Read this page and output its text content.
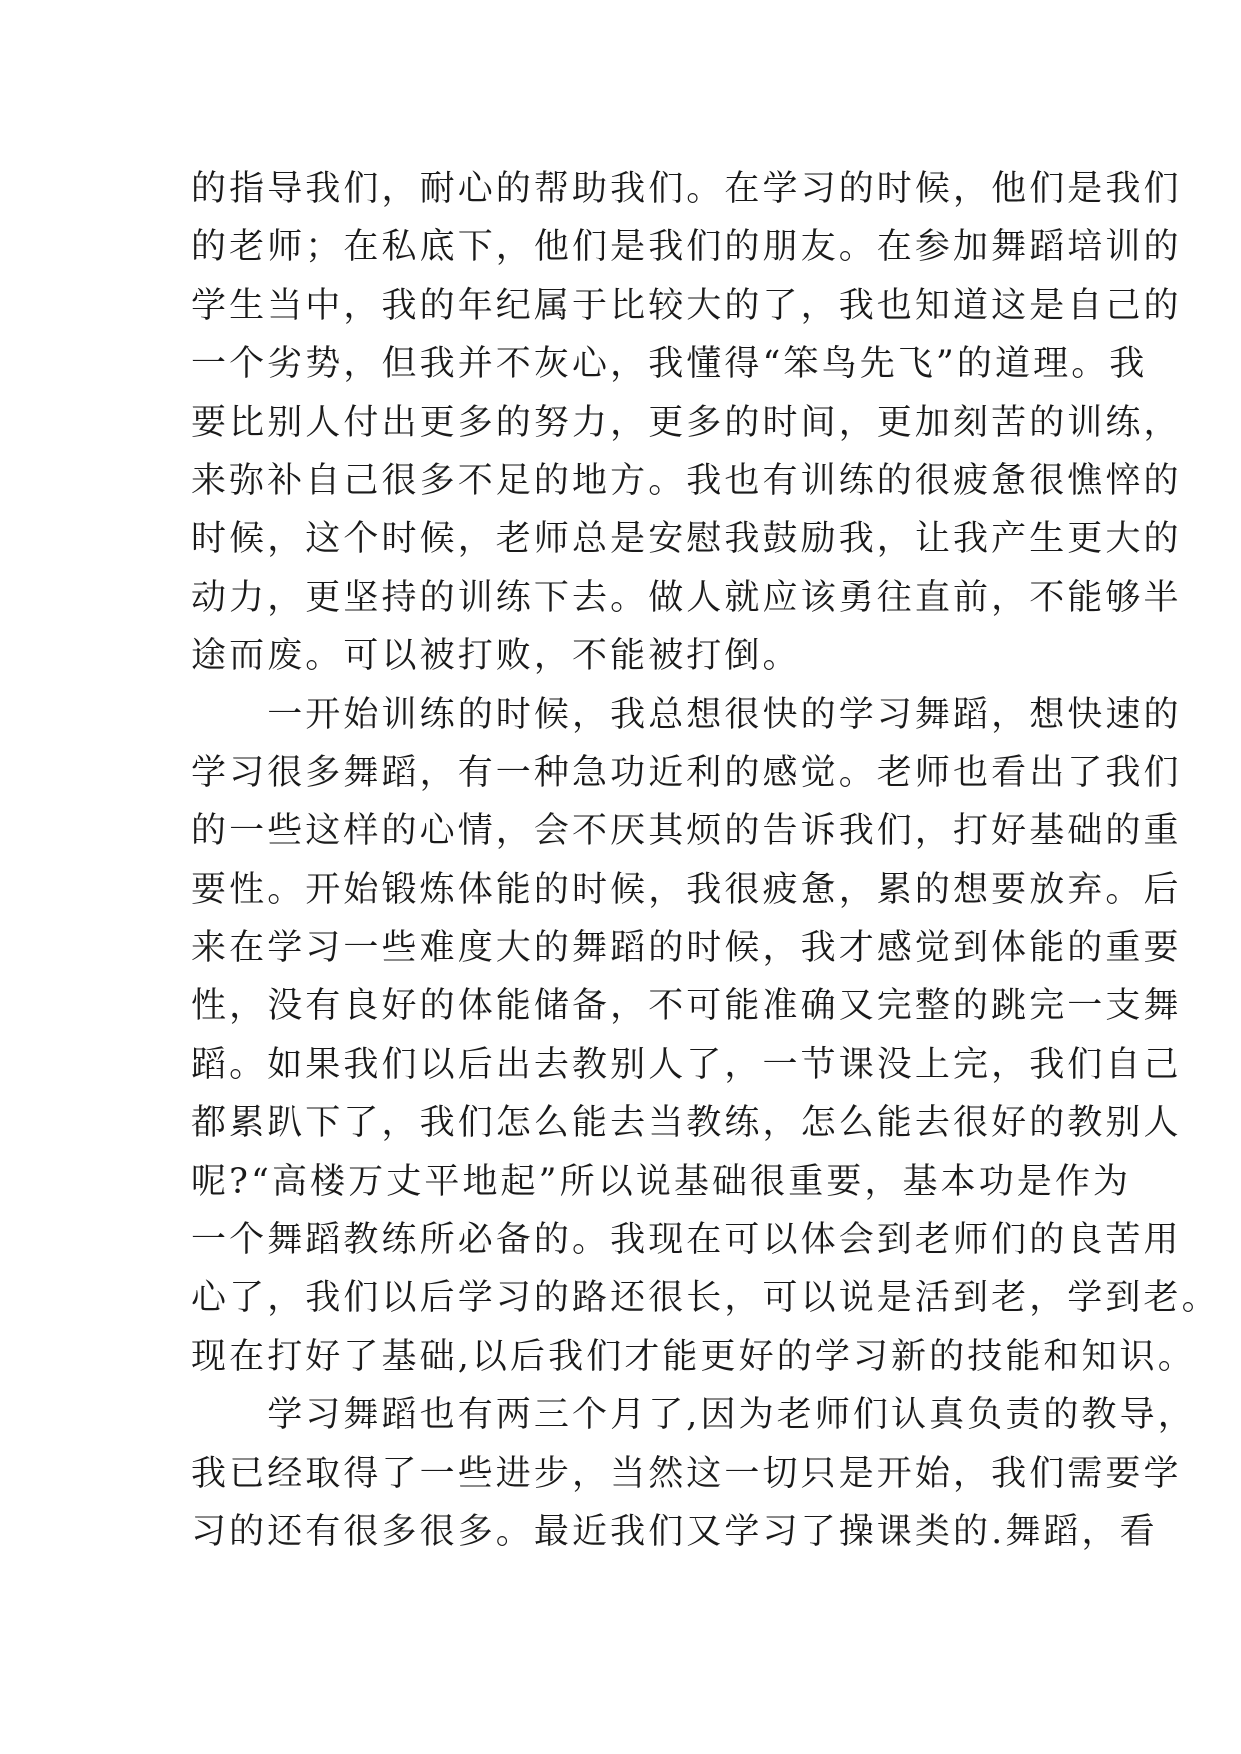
的指导我们，耐心的帮助我们。在学习的时候，他们是我们
的老师；在私底下，他们是我们的朋友。在参加舞蹈培训的
学生当中，我的年纪属于比较大的了，我也知道这是自己的
一个劣势，但我并不灰心，我懂得“笨鸟先飞”的道理。我
要比别人付出更多的努力，更多的时间，更加刻苦的训练，
来弥补自己很多不足的地方。我也有训练的很疲惫很憔悴的
时候，这个时候，老师总是安慰我鼓励我，让我产生更大的
动力，更坚持的训练下去。做人就应该勇往直前，不能够半
途而废。可以被打败，不能被打倒。
　　一开始训练的时候，我总想很快的学习舞蹈，想快速的
学习很多舞蹈，有一种急功近利的感觉。老师也看出了我们
的一些这样的心情，会不厌其烦的告诉我们，打好基础的重
要性。开始锻炼体能的时候，我很疲惫，累的想要放弃。后
来在学习一些难度大的舞蹈的时候，我才感觉到体能的重要
性，没有良好的体能储备，不可能准确又完整的跳完一支舞
蹈。如果我们以后出去教别人了，一节课没上完，我们自己
都累趴下了，我们怎么能去当教练，怎么能去很好的教别人
呢?“高楼万丈平地起”所以说基础很重要，基本功是作为
一个舞蹈教练所必备的。我现在可以体会到老师们的良苦用
心了，我们以后学习的路还很长，可以说是活到老，学到老。
现在打好了基础,以后我们才能更好的学习新的技能和知识。
　　学习舞蹈也有两三个月了,因为老师们认真负责的教导，
我已经取得了一些进步，当然这一切只是开始，我们需要学
习的还有很多很多。最近我们又学习了操课类的.舞蹈，看
